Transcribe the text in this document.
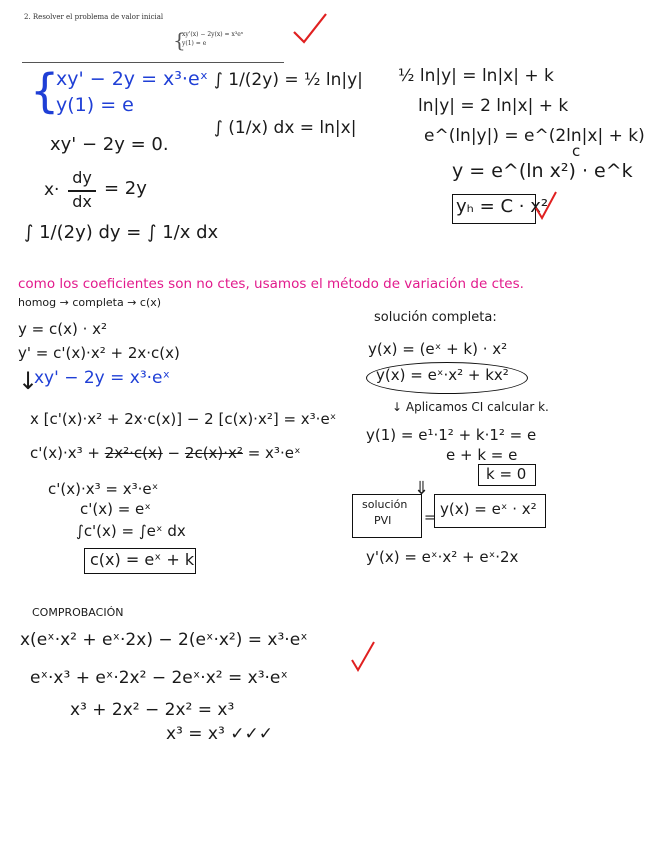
2. Resolver el problema de valor inicial
{
xy'(x) − 2y(x) = x³eˣ
y(1) = e
{
xy' − 2y = x³·eˣ
y(1) = e
xy' − 2y = 0.
x·
dy
dx
= 2y
∫ 1/(2y) dy = ∫ 1/x dx
∫ 1/(2y) = ½ ln|y|
∫ (1/x) dx = ln|x|
½ ln|y| = ln|x| + k
ln|y| = 2 ln|x| + k
e^(ln|y|) = e^(2ln|x| + k)
y = e^(ln x²) · e^k
c
yₕ = C · x²
como los coeficientes son no ctes, usamos el método de variación de ctes.
homog → completa → c(x)
y = c(x) · x²
y' = c'(x)·x² + 2x·c(x)
↓
xy' − 2y = x³·eˣ
x [c'(x)·x² + 2x·c(x)] − 2 [c(x)·x²] = x³·eˣ
c'(x)·x³ + 2x²·c(x) − 2c(x)·x² = x³·eˣ
c'(x)·x³ = x³·eˣ
c'(x) = eˣ
∫c'(x) = ∫eˣ dx
c(x) = eˣ + k
solución completa:
y(x) = (eˣ + k) · x²
y(x) = eˣ·x² + kx²
↓ Aplicamos CI calcular k.
y(1) = e¹·1² + k·1² = e
e + k = e
k = 0
⇓
solución
PVI = y(x) = eˣ · x²
y'(x) = eˣ·x² + eˣ·2x
COMPROBACIÓN
x(eˣ·x² + eˣ·2x) − 2(eˣ·x²) = x³·eˣ
eˣ·x³ + eˣ·2x² − 2eˣ·x² = x³·eˣ
x³ + 2x² − 2x² = x³
x³ = x³ ✓✓✓
